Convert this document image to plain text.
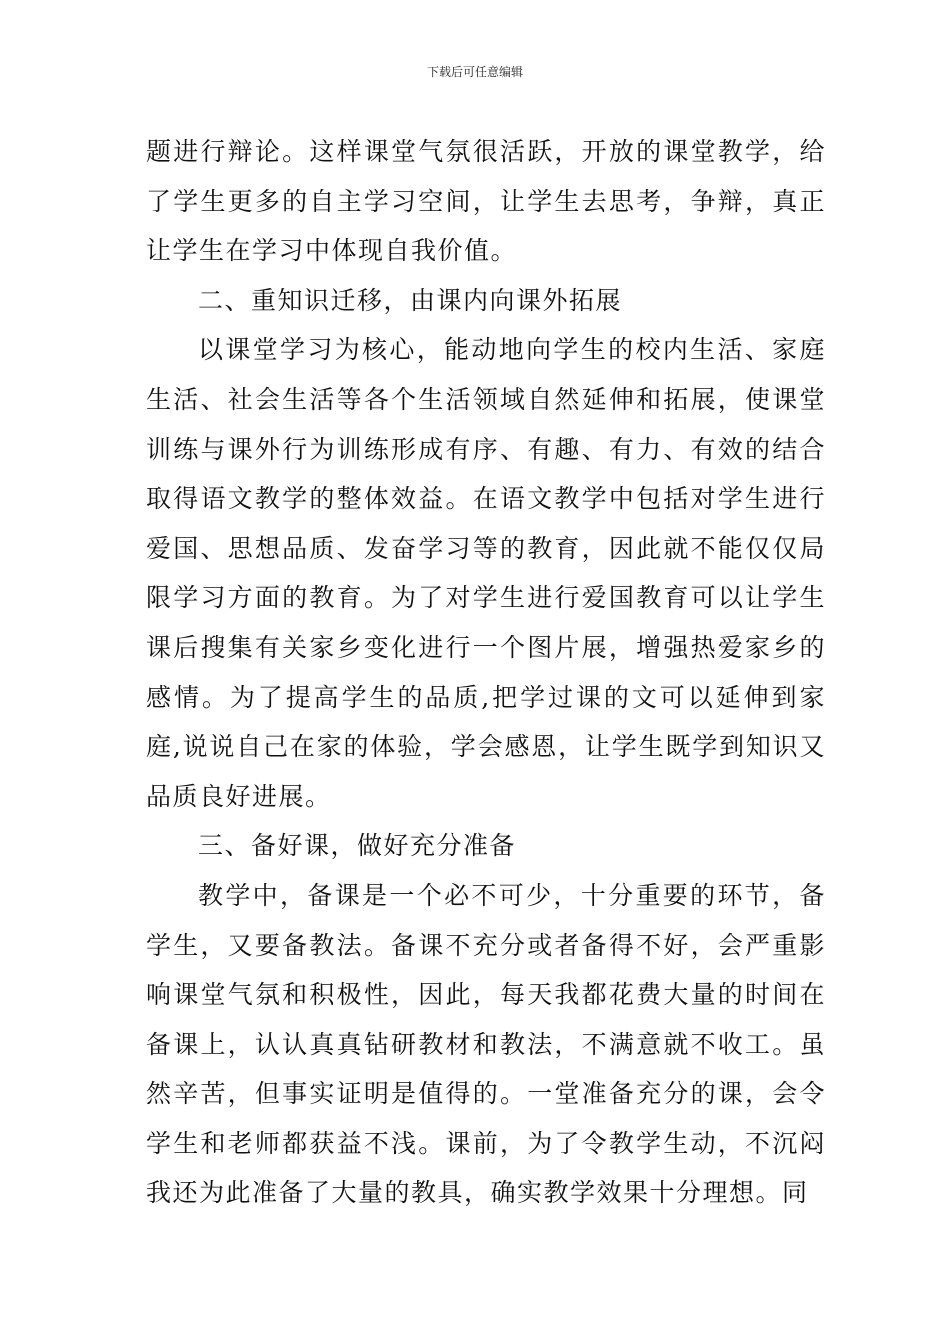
下载后可任意编辑

题进行辩论。这样课堂气氛很活跃，开放的课堂教学，给了学生更多的自主学习空间，让学生去思考，争辩，真正让学生在学习中体现自我价值。

二、重知识迁移，由课内向课外拓展

以课堂学习为核心，能动地向学生的校内生活、家庭生活、社会生活等各个生活领域自然延伸和拓展，使课堂训练与课外行为训练形成有序、有趣、有力、有效的结合取得语文教学的整体效益。在语文教学中包括对学生进行爱国、思想品质、发奋学习等的教育，因此就不能仅仅局限学习方面的教育。为了对学生进行爱国教育可以让学生课后搜集有关家乡变化进行一个图片展，增强热爱家乡的感情。为了提高学生的品质,把学过课的文可以延伸到家庭,说说自己在家的体验，学会感恩，让学生既学到知识又品质良好进展。

三、备好课，做好充分准备

教学中，备课是一个必不可少，十分重要的环节，备学生，又要备教法。备课不充分或者备得不好，会严重影响课堂气氛和积极性，因此，每天我都花费大量的时间在备课上，认认真真钻研教材和教法，不满意就不收工。虽然辛苦，但事实证明是值得的。一堂准备充分的课，会令学生和老师都获益不浅。课前，为了令教学生动，不沉闷我还为此准备了大量的教具，确实教学效果十分理想。同
